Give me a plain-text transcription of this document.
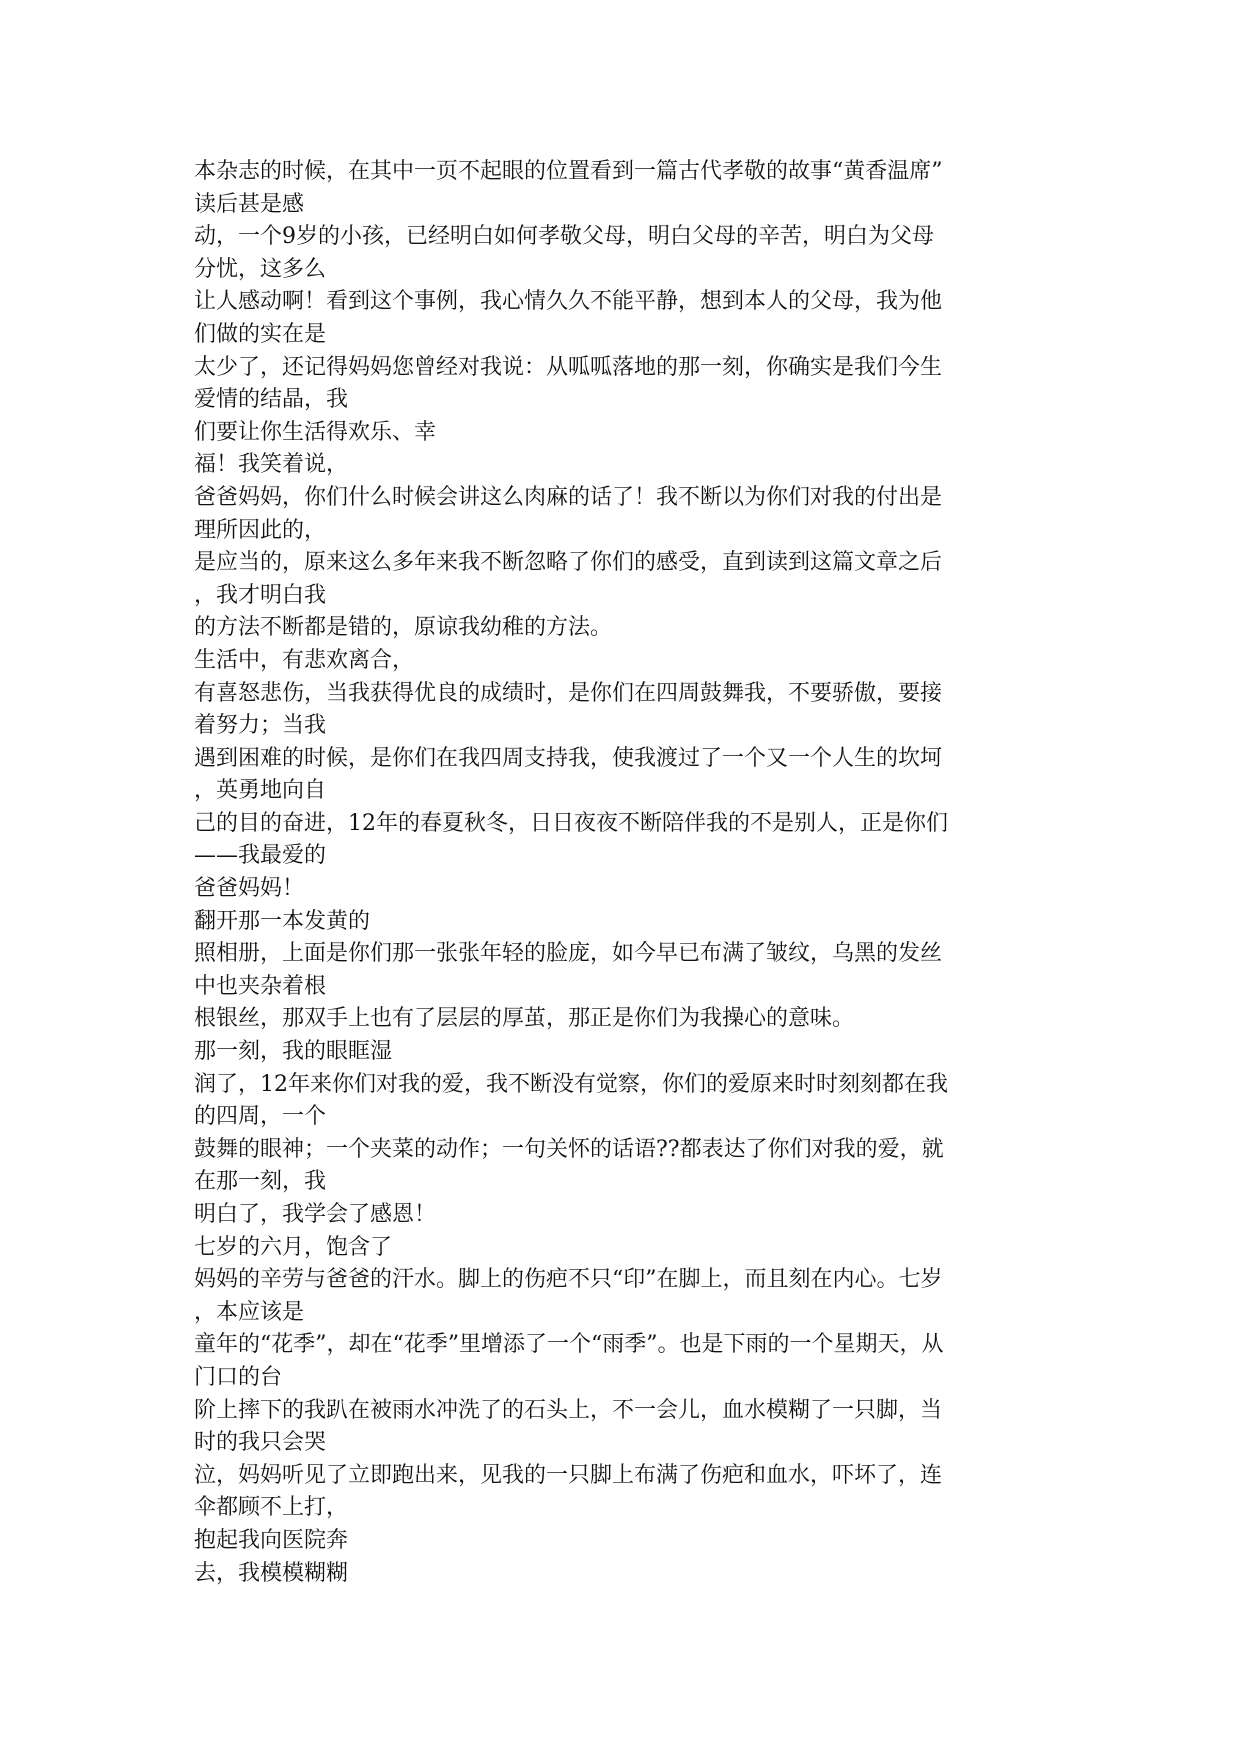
本杂志的时候，在其中一页不起眼的位置看到一篇古代孝敬的故事“黄香温席”

读后甚是感

动，一个9岁的小孩，已经明白如何孝敬父母，明白父母的辛苦，明白为父母

分忧，这多么

让人感动啊！看到这个事例，我心情久久不能平静，想到本人的父母，我为他

们做的实在是

太少了，还记得妈妈您曾经对我说：从呱呱落地的那一刻，你确实是我们今生

爱情的结晶，我

们要让你生活得欢乐、幸

福！我笑着说，

爸爸妈妈，你们什么时候会讲这么肉麻的话了！我不断以为你们对我的付出是

理所因此的，

是应当的，原来这么多年来我不断忽略了你们的感受，直到读到这篇文章之后

，我才明白我

的方法不断都是错的，原谅我幼稚的方法。

生活中，有悲欢离合，

有喜怒悲伤，当我获得优良的成绩时，是你们在四周鼓舞我，不要骄傲，要接

着努力；当我

遇到困难的时候，是你们在我四周支持我，使我渡过了一个又一个人生的坎坷

，英勇地向自

己的目的奋进，12年的春夏秋冬，日日夜夜不断陪伴我的不是别人，正是你们

——我最爱的

爸爸妈妈！

翻开那一本发黄的

照相册，上面是你们那一张张年轻的脸庞，如今早已布满了皱纹，乌黑的发丝

中也夹杂着根

根银丝，那双手上也有了层层的厚茧，那正是你们为我操心的意味。

那一刻，我的眼眶湿

润了，12年来你们对我的爱，我不断没有觉察，你们的爱原来时时刻刻都在我

的四周，一个

鼓舞的眼神；一个夹菜的动作；一句关怀的话语??都表达了你们对我的爱，就

在那一刻，我

明白了，我学会了感恩！

七岁的六月，饱含了

妈妈的辛劳与爸爸的汗水。脚上的伤疤不只“印”在脚上，而且刻在内心。七岁

，本应该是

童年的“花季”，却在“花季”里增添了一个“雨季”。也是下雨的一个星期天，从

门口的台

阶上摔下的我趴在被雨水冲洗了的石头上，不一会儿，血水模糊了一只脚，当

时的我只会哭

泣，妈妈听见了立即跑出来，见我的一只脚上布满了伤疤和血水，吓坏了，连

伞都顾不上打，

抱起我向医院奔

去，我模模糊糊
